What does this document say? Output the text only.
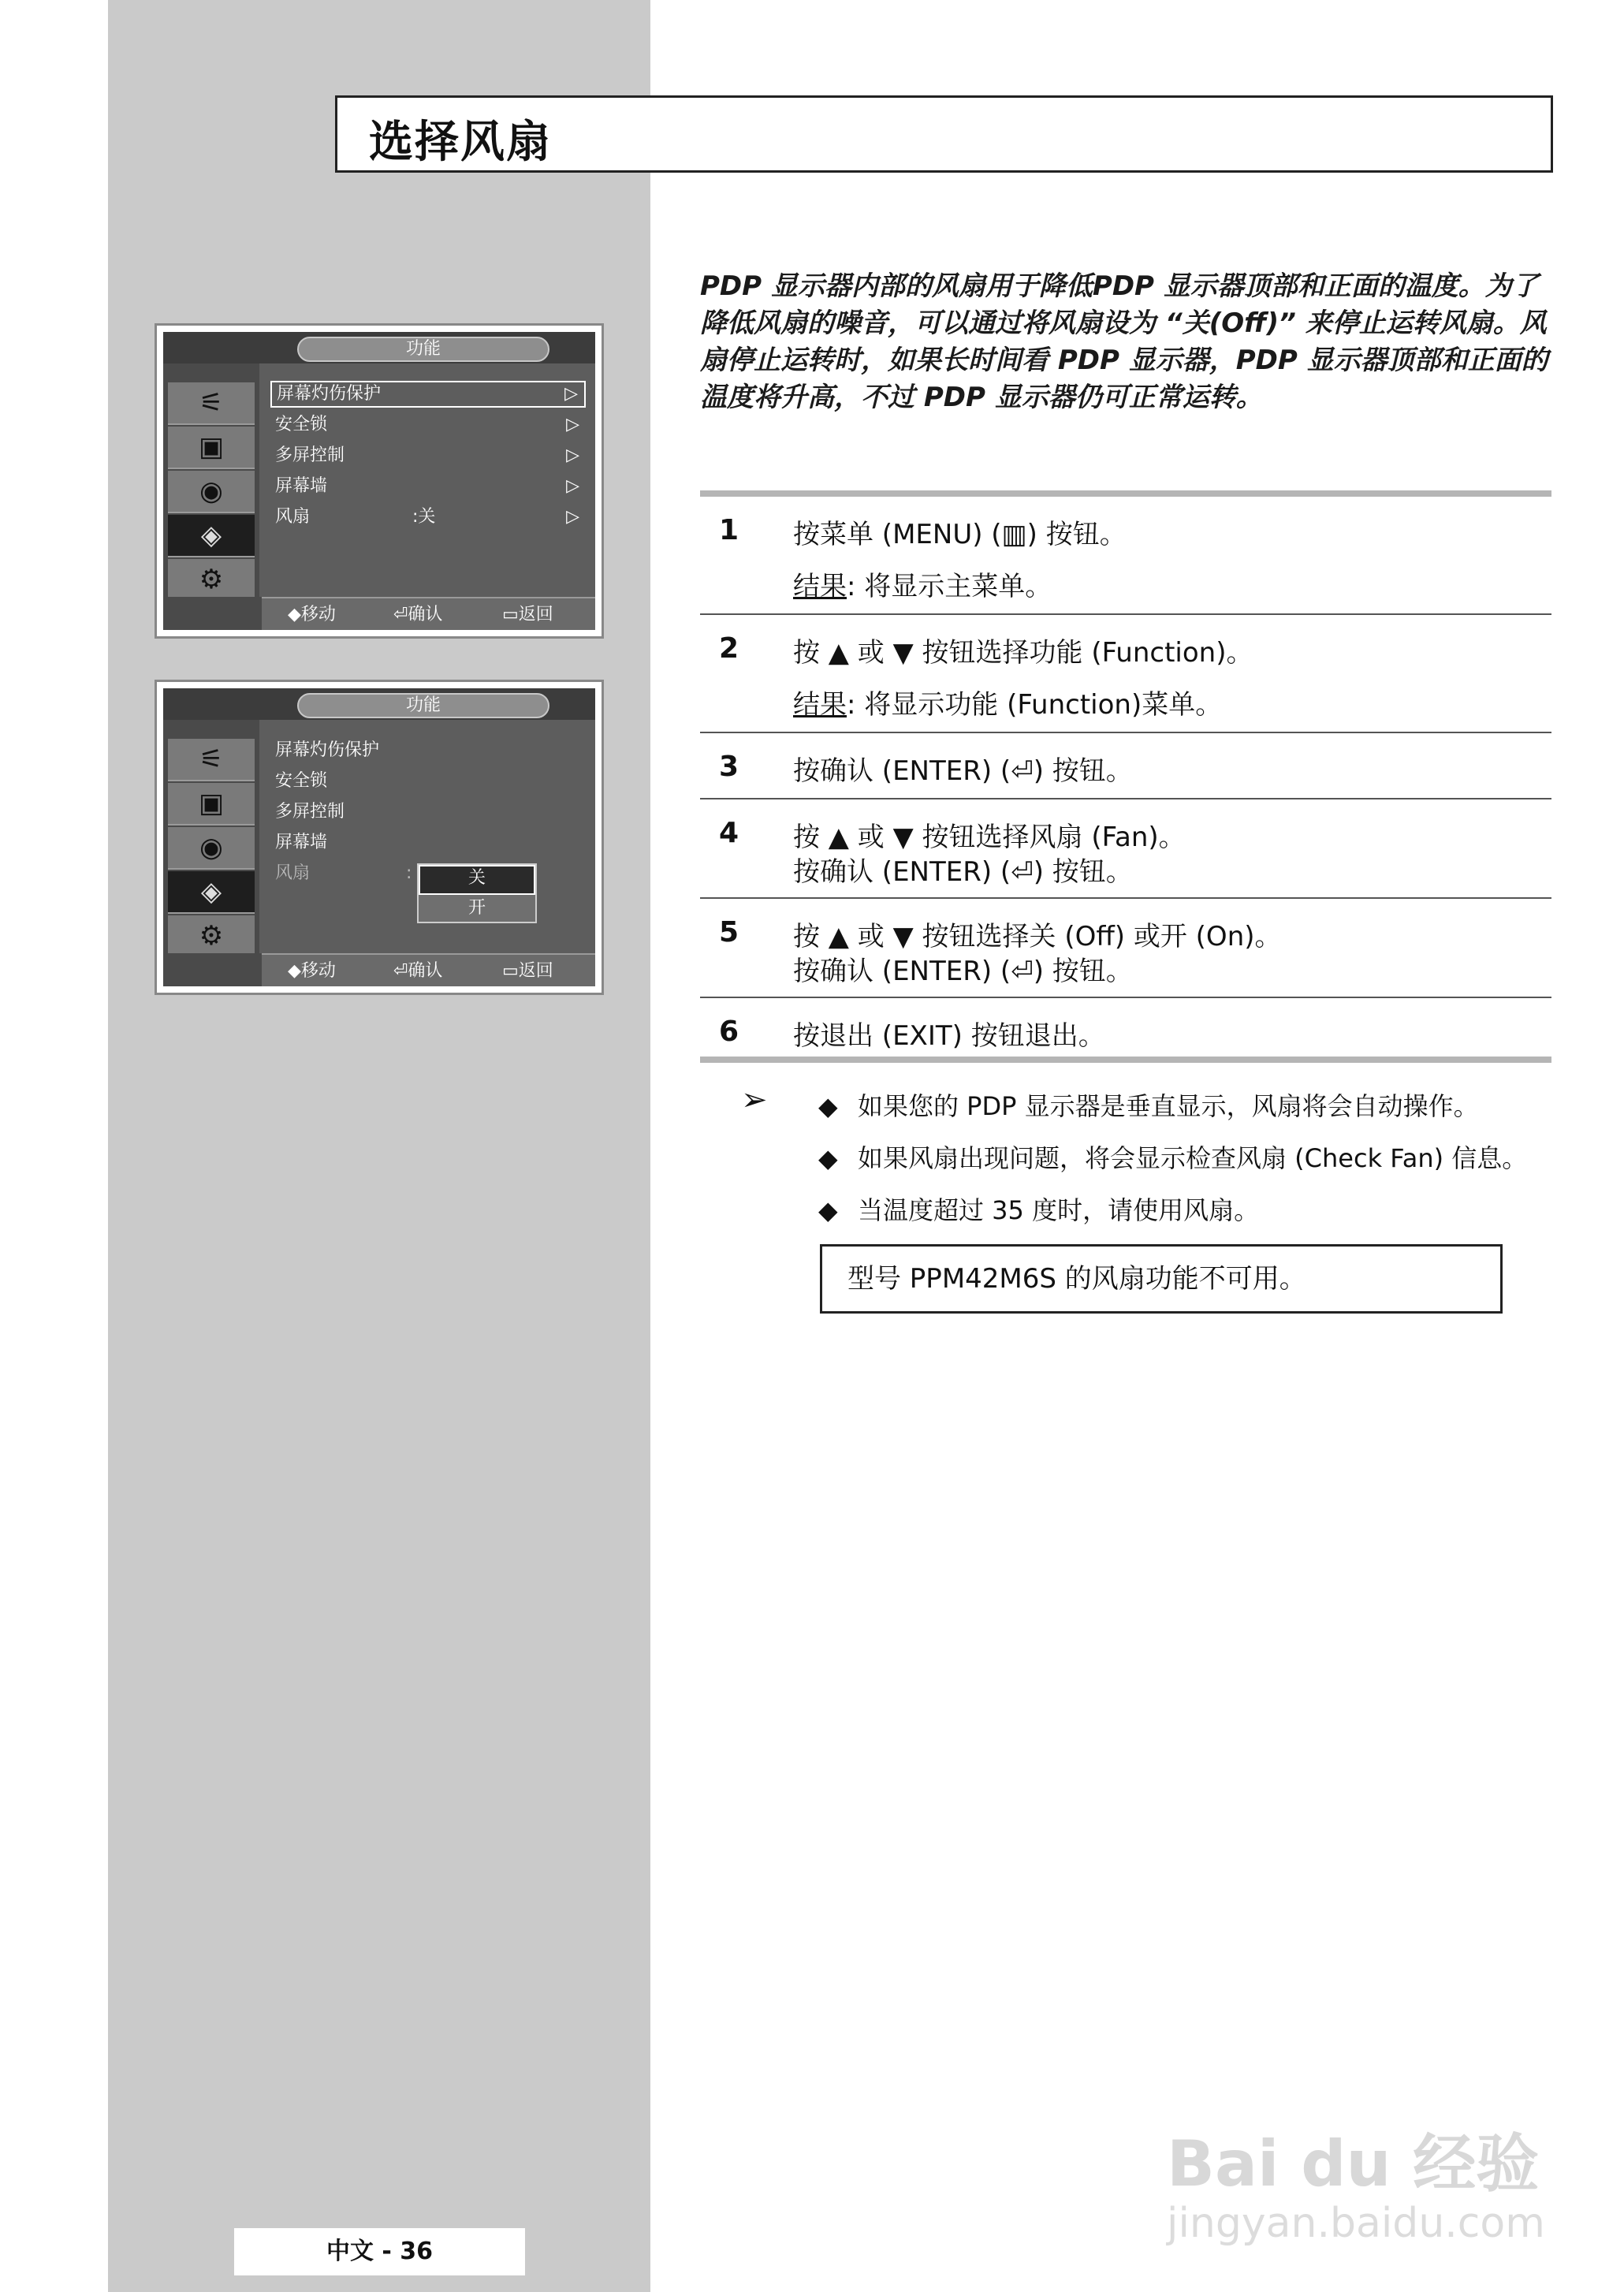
选择风扇
PDP 显示器内部的风扇用于降低PDP 显示器顶部和正面的温度。为了降低风扇的噪音，可以通过将风扇设为 “关(Off)” 来停止运转风扇。风扇停止运转时，如果长时间看 PDP 显示器，PDP 显示器顶部和正面的温度将升高，不过 PDP 显示器仍可正常运转。
功能
⚟
▣
◉
◈
⚙
屏幕灼伤保护	▷
安全锁	▷
多屏控制	▷
屏幕墙	▷
风扇	:关	▷
◆移动	⏎确认	▭返回
功能
⚟
▣
◉
◈
⚙
屏幕灼伤保护
安全锁
多屏控制
屏幕墙
风扇	:	关
开
◆移动	⏎确认	▭返回
1 按菜单 (MENU) (▥) 按钮。
结果: 将显示主菜单。
2 按 ▲ 或 ▼ 按钮选择功能 (Function)。
结果: 将显示功能 (Function)菜单。
3 按确认 (ENTER) (⏎) 按钮。
4 按 ▲ 或 ▼ 按钮选择风扇 (Fan)。
按确认 (ENTER) (⏎) 按钮。
5 按 ▲ 或 ▼ 按钮选择关 (Off) 或开 (On)。
按确认 (ENTER) (⏎) 按钮。
6 按退出 (EXIT) 按钮退出。
➢ ◆ 如果您的 PDP 显示器是垂直显示，风扇将会自动操作。
◆ 如果风扇出现问题，将会显示检查风扇 (Check Fan) 信息。
◆ 当温度超过 35 度时，请使用风扇。
型号 PPM42M6S 的风扇功能不可用。
中文 - 36
Bai du 经验
jingyan.baidu.com
